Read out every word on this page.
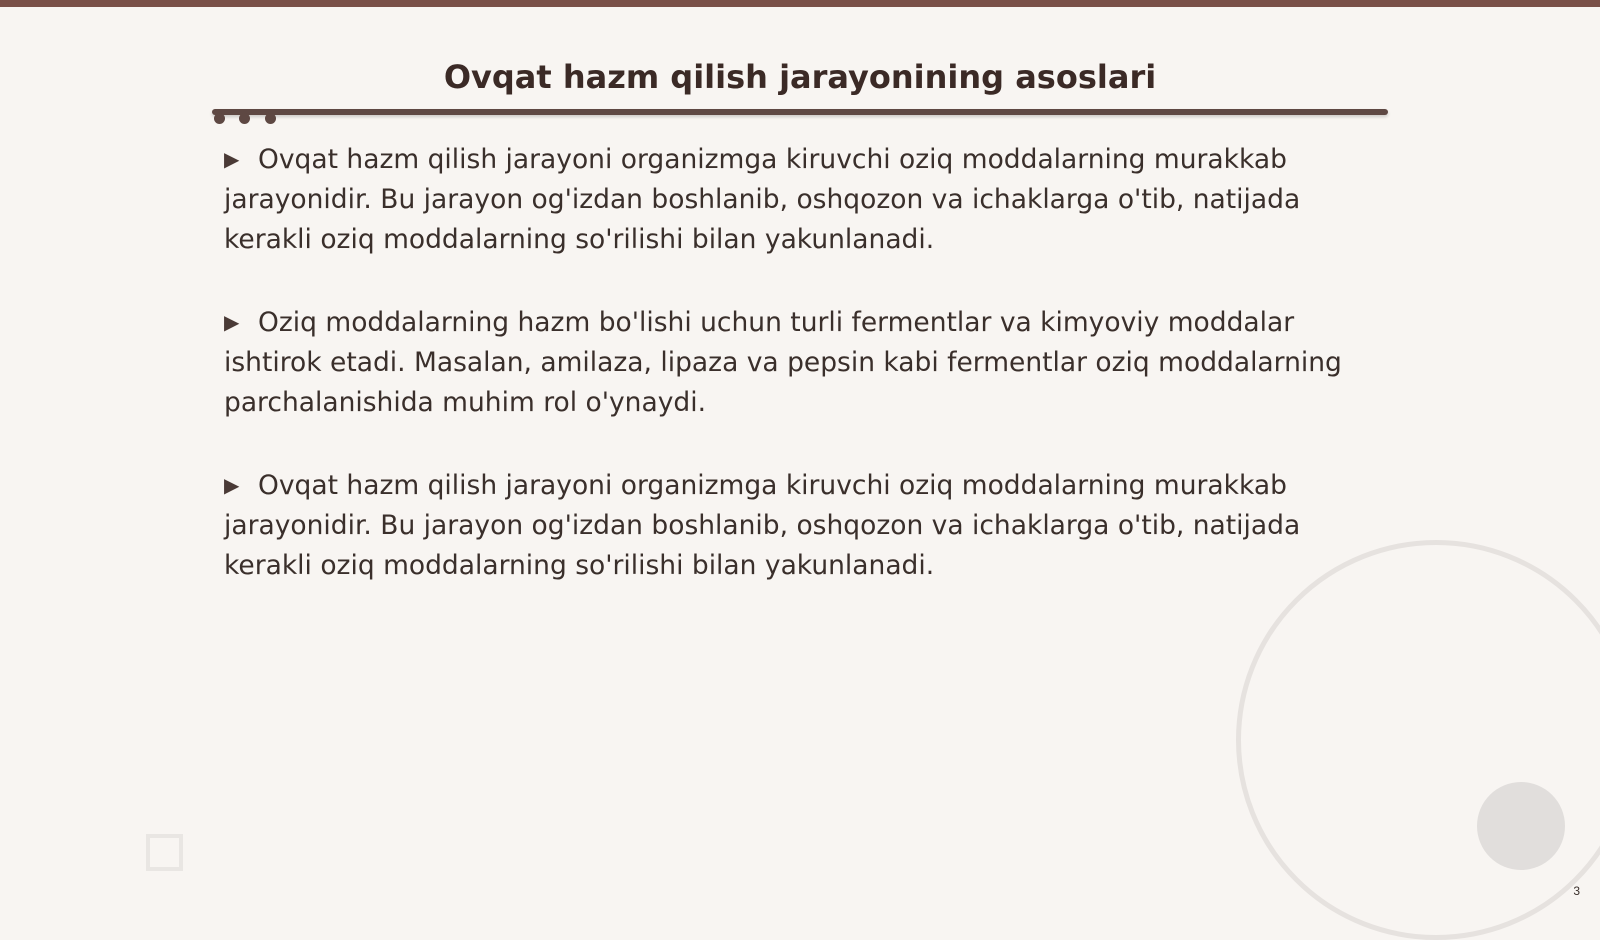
Ovqat hazm qilish jarayonining asoslari

▶ Ovqat hazm qilish jarayoni organizmga kiruvchi oziq moddalarning murakkab jarayonidir. Bu jarayon og'izdan boshlanib, oshqozon va ichaklarga o'tib, natijada kerakli oziq moddalarning so'rilishi bilan yakunlanadi.

▶ Oziq moddalarning hazm bo'lishi uchun turli fermentlar va kimyoviy moddalar ishtirok etadi. Masalan, amilaza, lipaza va pepsin kabi fermentlar oziq moddalarning parchalanishida muhim rol o'ynaydi.

▶ Ovqat hazm qilish jarayoni organizmga kiruvchi oziq moddalarning murakkab jarayonidir. Bu jarayon og'izdan boshlanib, oshqozon va ichaklarga o'tib, natijada kerakli oziq moddalarning so'rilishi bilan yakunlanadi.

3
